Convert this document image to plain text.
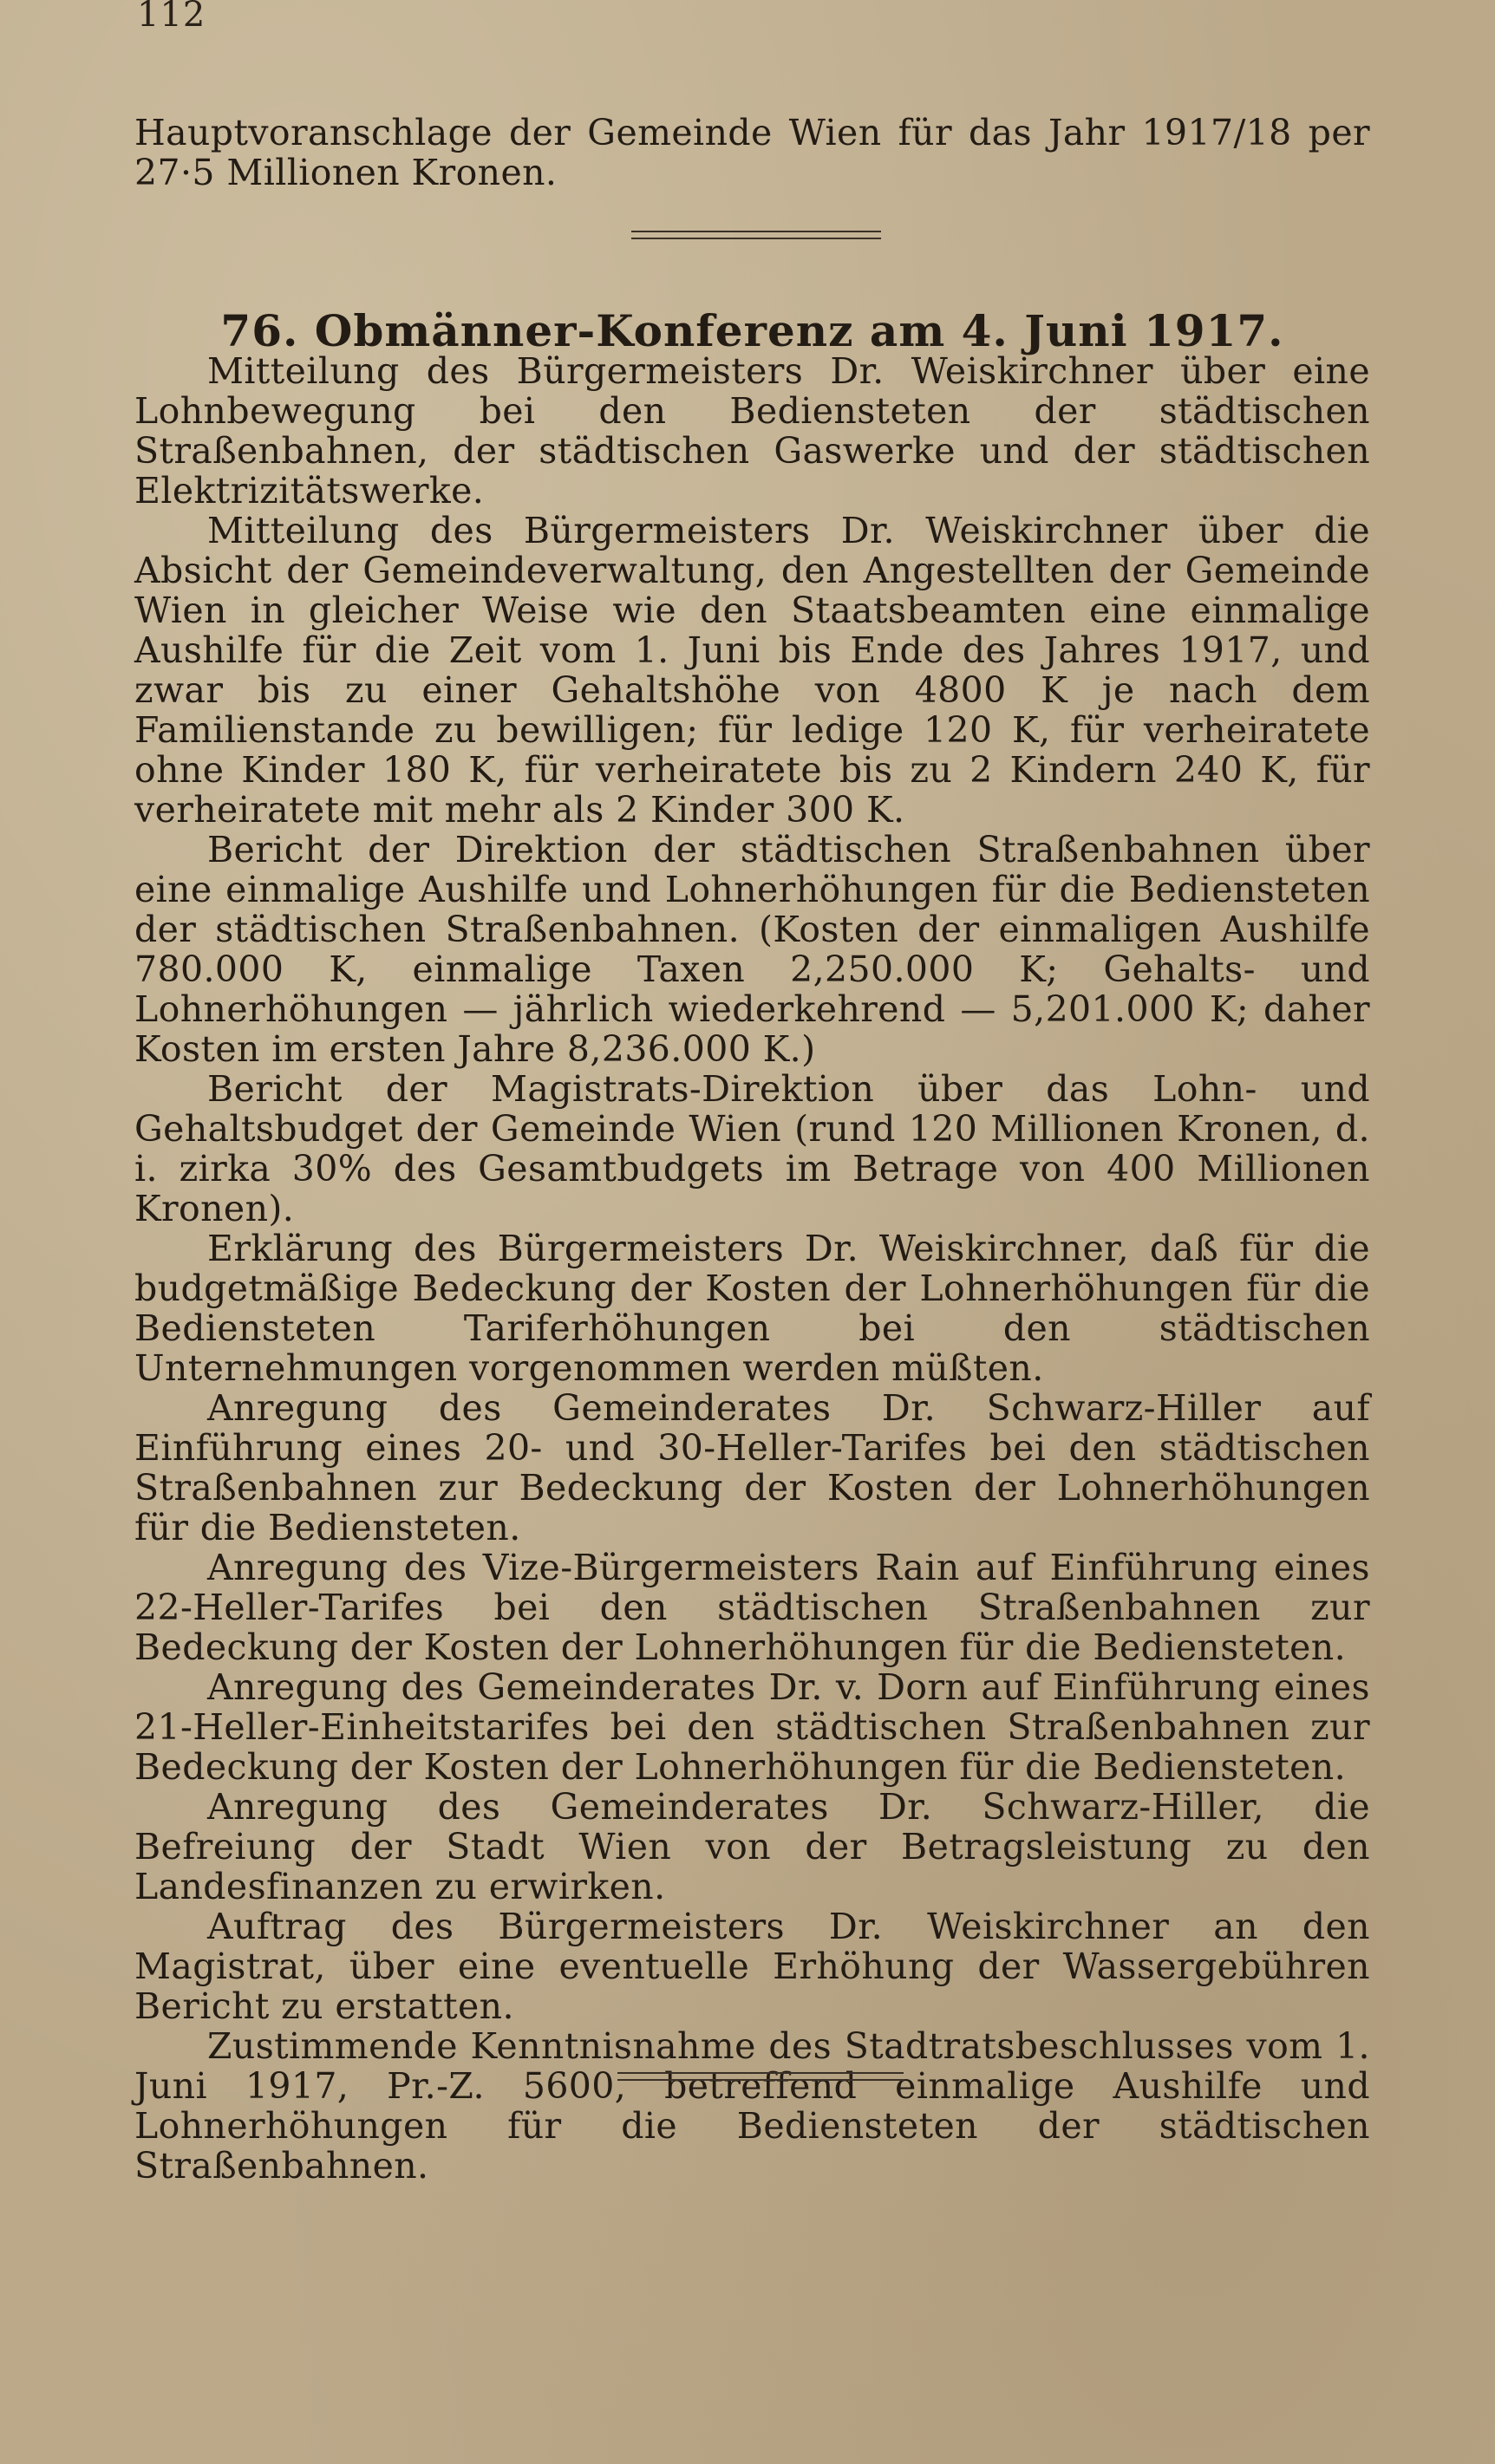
112
Hauptvoranschlage der Gemeinde Wien für das Jahr 1917/18 per 27·5 Millionen Kronen.
76. Obmänner-Konferenz am 4. Juni 1917.

Mitteilung des Bürgermeisters Dr. Weiskirchner über eine Lohnbewegung bei den Bediensteten der städtischen Straßenbahnen, der städtischen Gaswerke und der städtischen Elektrizitätswerke.

Mitteilung des Bürgermeisters Dr. Weiskirchner über die Absicht der Gemeindeverwaltung, den Angestellten der Gemeinde Wien in gleicher Weise wie den Staatsbeamten eine einmalige Aushilfe für die Zeit vom 1. Juni bis Ende des Jahres 1917, und zwar bis zu einer Gehaltshöhe von 4800 K je nach dem Familienstande zu bewilligen; für ledige 120 K, für verheiratete ohne Kinder 180 K, für verheiratete bis zu 2 Kindern 240 K, für verheiratete mit mehr als 2 Kinder 300 K.

Bericht der Direktion der städtischen Straßenbahnen über eine einmalige Aushilfe und Lohnerhöhungen für die Bediensteten der städtischen Straßenbahnen. (Kosten der einmaligen Aushilfe 780.000 K, einmalige Taxen 2,250.000 K; Gehalts- und Lohnerhöhungen — jährlich wiederkehrend — 5,201.000 K; daher Kosten im ersten Jahre 8,236.000 K.)

Bericht der Magistrats-Direktion über das Lohn- und Gehaltsbudget der Gemeinde Wien (rund 120 Millionen Kronen, d. i. zirka 30% des Gesamtbudgets im Betrage von 400 Millionen Kronen).

Erklärung des Bürgermeisters Dr. Weiskirchner, daß für die budgetmäßige Bedeckung der Kosten der Lohnerhöhungen für die Bediensteten Tariferhöhungen bei den städtischen Unternehmungen vorgenommen werden müßten.

Anregung des Gemeinderates Dr. Schwarz-Hiller auf Einführung eines 20- und 30-Heller-Tarifes bei den städtischen Straßenbahnen zur Bedeckung der Kosten der Lohnerhöhungen für die Bediensteten.

Anregung des Vize-Bürgermeisters Rain auf Einführung eines 22-Heller-Tarifes bei den städtischen Straßenbahnen zur Bedeckung der Kosten der Lohnerhöhungen für die Bediensteten.

Anregung des Gemeinderates Dr. v. Dorn auf Einführung eines 21-Heller-Einheitstarifes bei den städtischen Straßenbahnen zur Bedeckung der Kosten der Lohnerhöhungen für die Bediensteten.

Anregung des Gemeinderates Dr. Schwarz-Hiller, die Befreiung der Stadt Wien von der Betragsleistung zu den Landesfinanzen zu erwirken.

Auftrag des Bürgermeisters Dr. Weiskirchner an den Magistrat, über eine eventuelle Erhöhung der Wassergebühren Bericht zu erstatten.

Zustimmende Kenntnisnahme des Stadtratsbeschlusses vom 1. Juni 1917, Pr.-Z. 5600, betreffend einmalige Aushilfe und Lohnerhöhungen für die Bediensteten der städtischen Straßenbahnen.
